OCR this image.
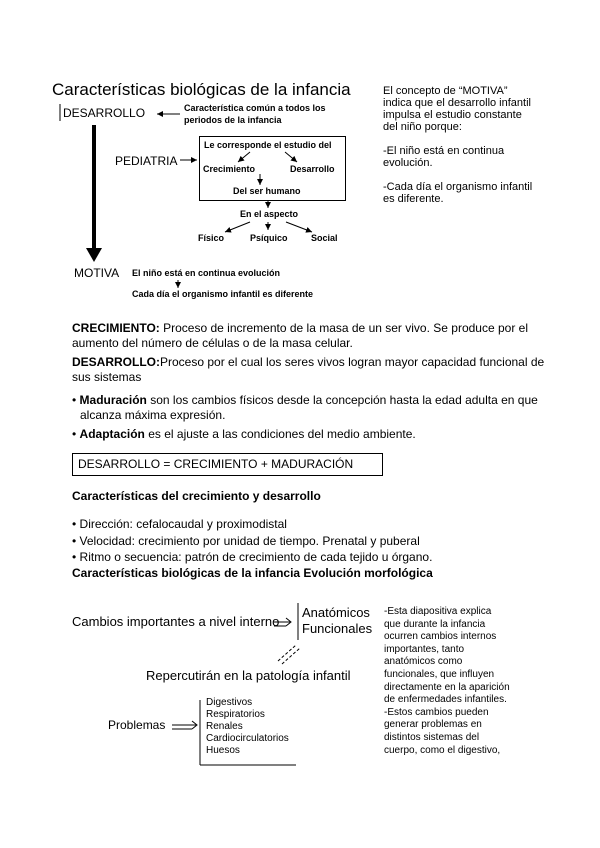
Características biológicas de la infancia
DESARROLLO	Característica común a todos los
periodos de la infancia
PEDIATRIA
Le corresponde el estudio del
Crecimiento	Desarrollo
Del ser humano
En el aspecto
Físico	Psíquico	Social
MOTIVA El niño está en continua evolución
Cada día el organismo infantil es diferente
El concepto de “MOTIVA”
indica que el desarrollo infantil
impulsa el estudio constante
del niño porque:
-El niño está en continua
evolución.
-Cada día el organismo infantil
es diferente.
CRECIMIENTO: Proceso de incremento de la masa de un ser vivo. Se produce por el
aumento del número de células o de la masa celular.
DESARROLLO:Proceso por el cual los seres vivos logran mayor capacidad funcional de
sus sistemas
• Maduración son los cambios físicos desde la concepción hasta la edad adulta en que
alcanza máxima expresión.
• Adaptación es el ajuste a las condiciones del medio ambiente.
DESARROLLO = CRECIMIENTO + MADURACIÓN
Características del crecimiento y desarrollo
• Dirección: cefalocaudal y proximodistal
• Velocidad: crecimiento por unidad de tiempo. Prenatal y puberal
• Ritmo o secuencia: patrón de crecimiento de cada tejido u órgano.
Características biológicas de la infancia Evolución morfológica
Cambios importantes a nivel interno
Anatómicos
Funcionales
Repercutirán en la patología infantil
Problemas
Digestivos
Respiratorios
Renales
Cardiocirculatorios
Huesos
-Esta diapositiva explica
que durante la infancia
ocurren cambios internos
importantes, tanto
anatómicos como
funcionales, que influyen
directamente en la aparición
de enfermedades infantiles.
-Estos cambios pueden
generar problemas en
distintos sistemas del
cuerpo, como el digestivo,
